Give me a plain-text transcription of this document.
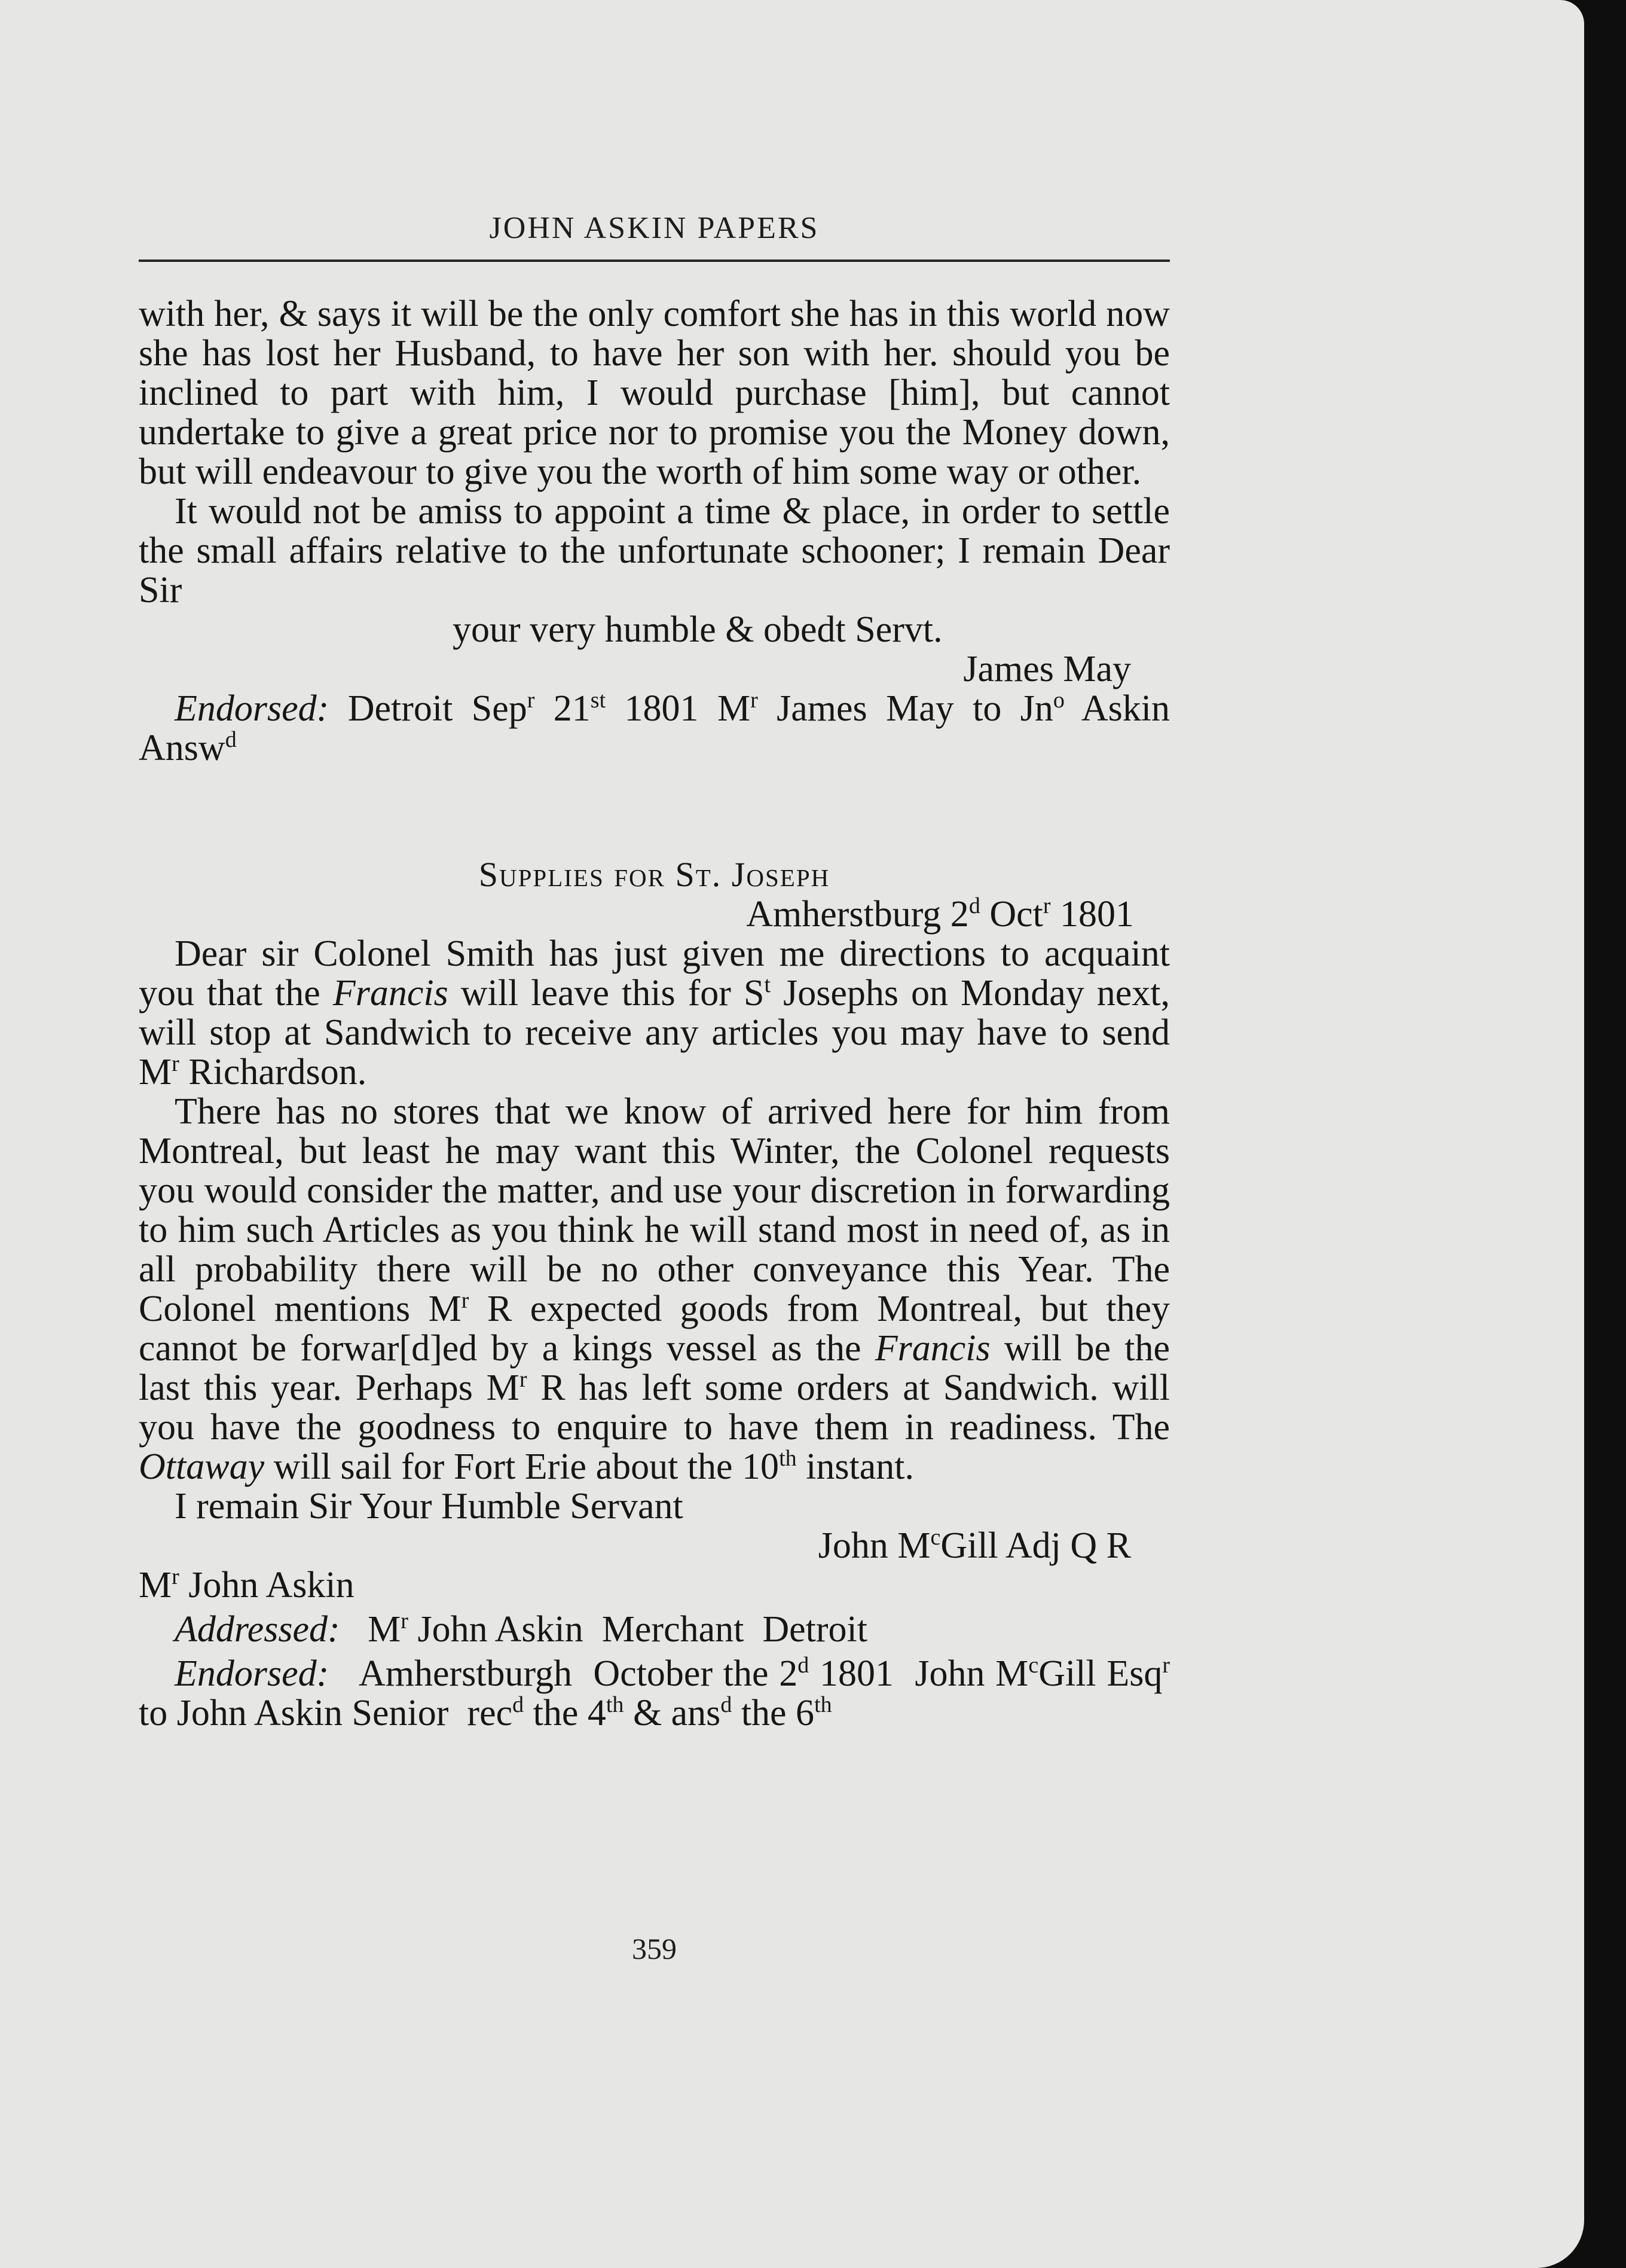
JOHN ASKIN PAPERS

with her, & says it will be the only comfort she has in this world now she has lost her Husband, to have her son with her. should you be inclined to part with him, I would purchase [him], but cannot undertake to give a great price nor to promise you the Money down, but will endeavour to give you the worth of him some way or other.

It would not be amiss to appoint a time & place, in order to settle the small affairs relative to the unfortunate schooner; I remain Dear Sir

your very humble & obedt Servt.

James May

Endorsed: Detroit Sep$^r$ 21st 1801 $M^r$ James May to Jn$^o$ Askin Answ$^d$

Supplies for St. Joseph

Amherstburg 2$^d$ Oct$^r$ 1801

Dear sir Colonel Smith has just given me directions to acquaint you that the Francis will leave this for $S^t$ Josephs on Monday next, will stop at Sandwich to receive any articles you may have to send $M^r$ Richardson.

There has no stores that we know of arrived here for him from Montreal, but least he may want this Winter, the Colonel requests you would consider the matter, and use your discretion in forwarding to him such Articles as you think he will stand most in need of, as in all probability there will be no other conveyance this Year. The Colonel mentions $M^r$ R expected goods from Montreal, but they cannot be forwar[d]ed by a kings vessel as the Francis will be the last this year. Perhaps $M^r$ R has left some orders at Sandwich. will you have the goodness to enquire to have them in readiness. The Ottaway will sail for Fort Erie about the 10th instant.

I remain Sir Your Humble Servant

John $M^cGill$ Adj Q R

$M^r$ John Askin

Addressed:   $M^r$ John Askin  Merchant  Detroit

Endorsed:   Amherstburgh  October the 2$^d$ 1801  John $M^cGill$ Esq$^r$ to John Askin Senior  rec$^d$ the 4th & ans$^d$ the 6th

359
